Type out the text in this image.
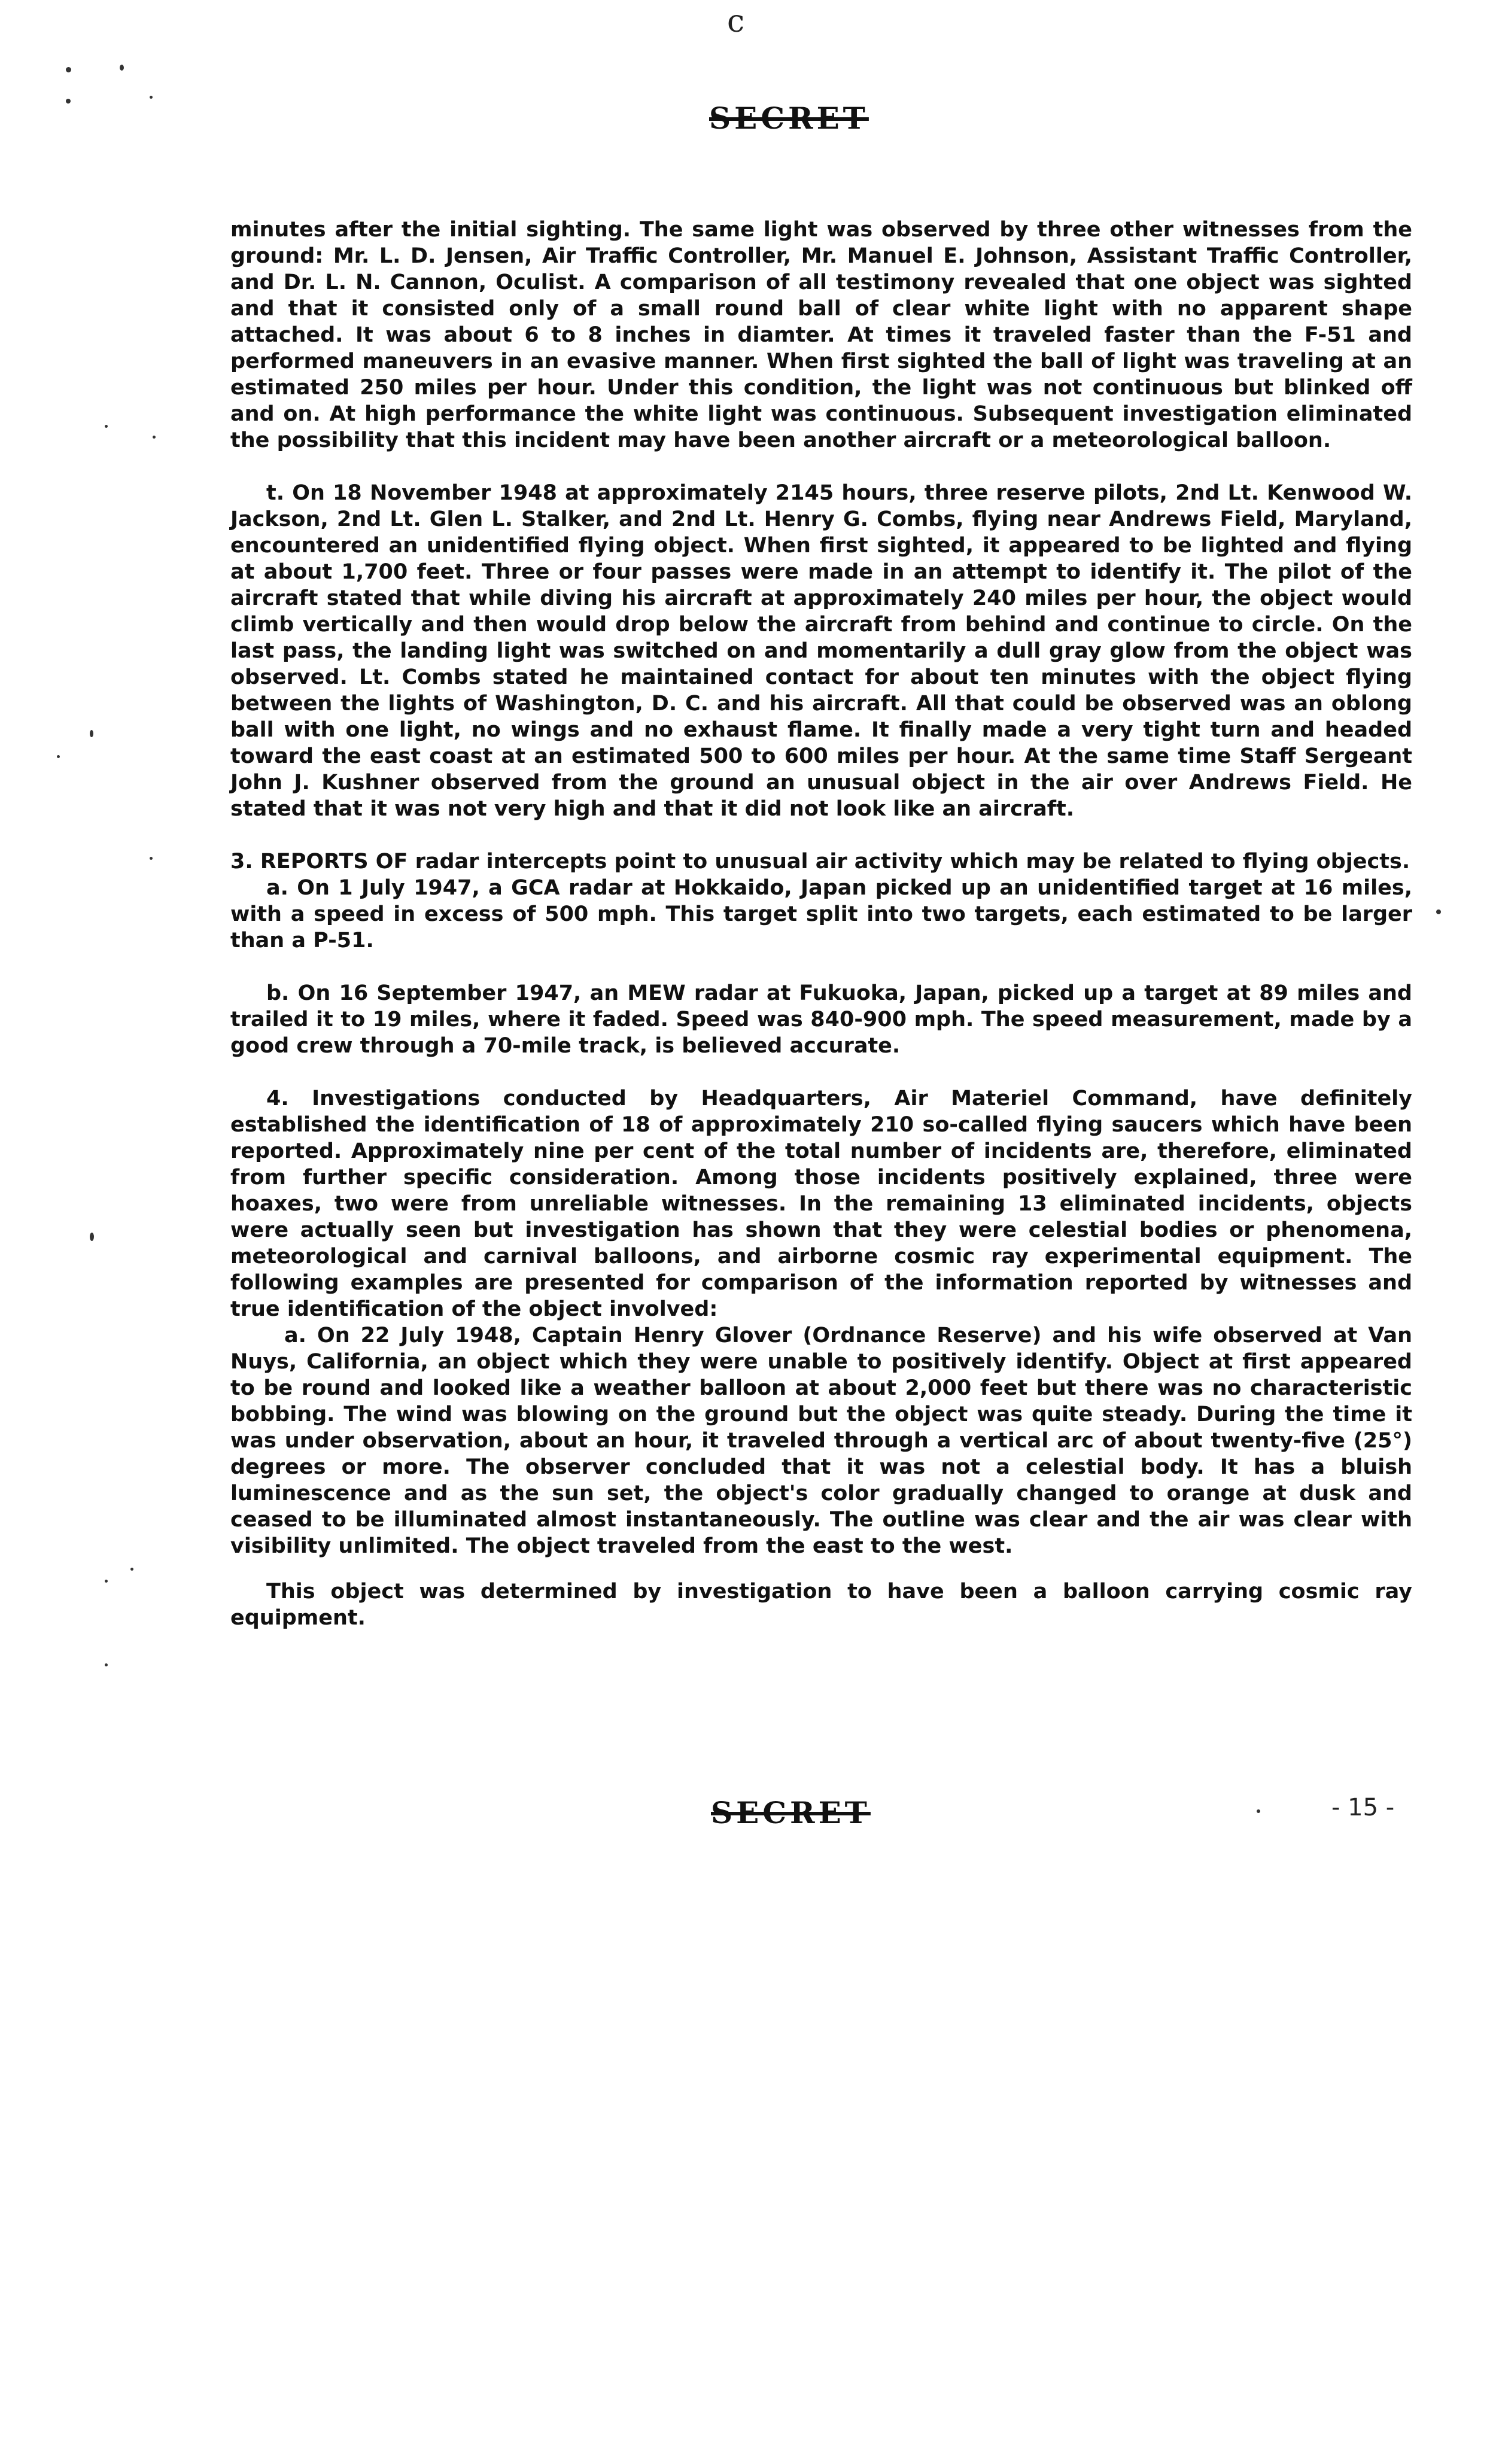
c
SECRET

minutes after the initial sighting. The same light was observed by three other witnesses from the ground: Mr. L. D. Jensen, Air Traffic Controller, Mr. Manuel E. Johnson, Assistant Traffic Controller, and Dr. L. N. Cannon, Oculist. A comparison of all testimony revealed that one object was sighted and that it consisted only of a small round ball of clear white light with no apparent shape attached. It was about 6 to 8 inches in diamter. At times it traveled faster than the F-51 and performed maneuvers in an evasive manner. When first sighted the ball of light was traveling at an estimated 250 miles per hour. Under this condition, the light was not continuous but blinked off and on. At high performance the white light was continuous. Subsequent investigation eliminated the possibility that this incident may have been another aircraft or a meteorological balloon.

t. On 18 November 1948 at approximately 2145 hours, three reserve pilots, 2nd Lt. Kenwood W. Jackson, 2nd Lt. Glen L. Stalker, and 2nd Lt. Henry G. Combs, flying near Andrews Field, Maryland, encountered an unidentified flying object. When first sighted, it appeared to be lighted and flying at about 1,700 feet. Three or four passes were made in an attempt to identify it. The pilot of the aircraft stated that while diving his aircraft at approximately 240 miles per hour, the object would climb vertically and then would drop below the aircraft from behind and continue to circle. On the last pass, the landing light was switched on and momentarily a dull gray glow from the object was observed. Lt. Combs stated he maintained contact for about ten minutes with the object flying between the lights of Washington, D. C. and his aircraft. All that could be observed was an oblong ball with one light, no wings and no exhaust flame. It finally made a very tight turn and headed toward the east coast at an estimated 500 to 600 miles per hour. At the same time Staff Sergeant John J. Kushner observed from the ground an unusual object in the air over Andrews Field. He stated that it was not very high and that it did not look like an aircraft.

3. REPORTS OF radar intercepts point to unusual air activity which may be related to flying objects.

a. On 1 July 1947, a GCA radar at Hokkaido, Japan picked up an unidentified target at 16 miles, with a speed in excess of 500 mph. This target split into two targets, each estimated to be larger than a P-51.

b. On 16 September 1947, an MEW radar at Fukuoka, Japan, picked up a target at 89 miles and trailed it to 19 miles, where it faded. Speed was 840-900 mph. The speed measurement, made by a good crew through a 70-mile track, is believed accurate.

4. Investigations conducted by Headquarters, Air Materiel Command, have definitely established the identification of 18 of approximately 210 so-called flying saucers which have been reported. Approximately nine per cent of the total number of incidents are, therefore, eliminated from further specific consideration. Among those incidents positively explained, three were hoaxes, two were from unreliable witnesses. In the remaining 13 eliminated incidents, objects were actually seen but investigation has shown that they were celestial bodies or phenomena, meteorological and carnival balloons, and airborne cosmic ray experimental equipment. The following examples are presented for comparison of the information reported by witnesses and true identification of the object involved:

a. On 22 July 1948, Captain Henry Glover (Ordnance Reserve) and his wife observed at Van Nuys, California, an object which they were unable to positively identify. Object at first appeared to be round and looked like a weather balloon at about 2,000 feet but there was no characteristic bobbing. The wind was blowing on the ground but the object was quite steady. During the time it was under observation, about an hour, it traveled through a vertical arc of about twenty-five (25°) degrees or more. The observer concluded that it was not a celestial body. It has a bluish luminescence and as the sun set, the object's color gradually changed to orange at dusk and ceased to be illuminated almost instantaneously. The outline was clear and the air was clear with visibility unlimited. The object traveled from the east to the west.

This object was determined by investigation to have been a balloon carrying cosmic ray equipment.

SECRET	- 15 -
